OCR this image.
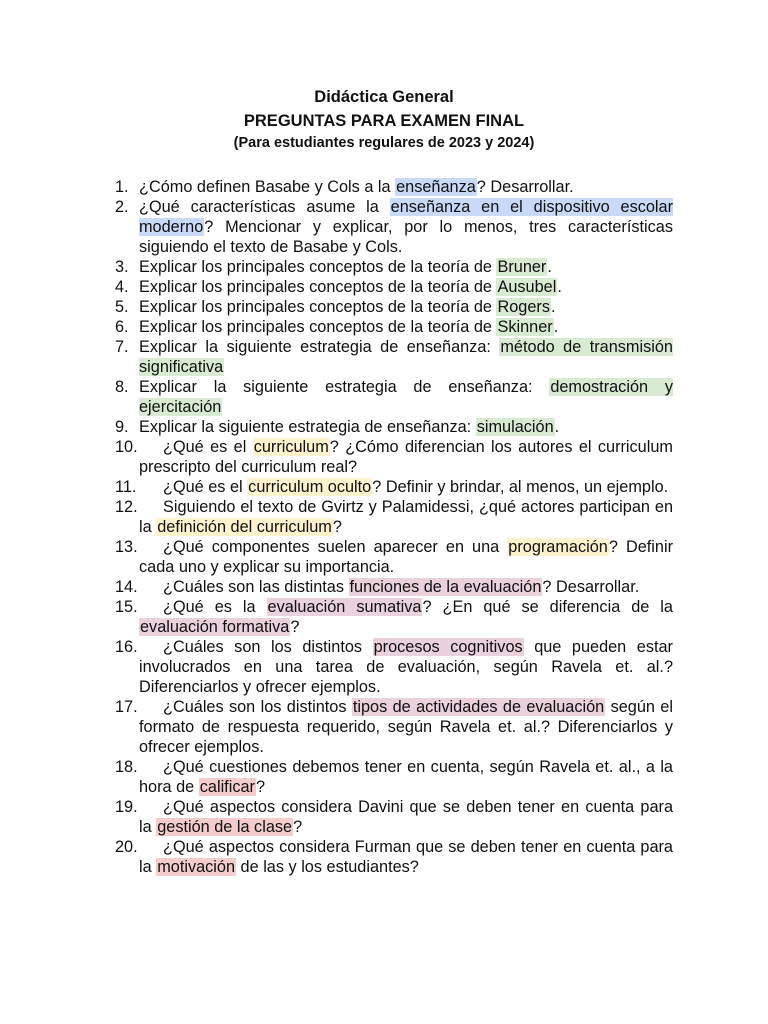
Didáctica General
PREGUNTAS PARA EXAMEN FINAL
(Para estudiantes regulares de 2023 y 2024)
1. ¿Cómo definen Basabe y Cols a la enseñanza? Desarrollar.
2. ¿Qué características asume la enseñanza en el dispositivo escolar moderno? Mencionar y explicar, por lo menos, tres características siguiendo el texto de Basabe y Cols.
3. Explicar los principales conceptos de la teoría de Bruner.
4. Explicar los principales conceptos de la teoría de Ausubel.
5. Explicar los principales conceptos de la teoría de Rogers.
6. Explicar los principales conceptos de la teoría de Skinner.
7. Explicar la siguiente estrategia de enseñanza: método de transmisión significativa
8. Explicar la siguiente estrategia de enseñanza: demostración y ejercitación
9. Explicar la siguiente estrategia de enseñanza: simulación.
10. ¿Qué es el curriculum? ¿Cómo diferencian los autores el curriculum prescripto del curriculum real?
11. ¿Qué es el curriculum oculto? Definir y brindar, al menos, un ejemplo.
12. Siguiendo el texto de Gvirtz y Palamidessi, ¿qué actores participan en la definición del curriculum?
13. ¿Qué componentes suelen aparecer en una programación? Definir cada uno y explicar su importancia.
14. ¿Cuáles son las distintas funciones de la evaluación? Desarrollar.
15. ¿Qué es la evaluación sumativa? ¿En qué se diferencia de la evaluación formativa?
16. ¿Cuáles son los distintos procesos cognitivos que pueden estar involucrados en una tarea de evaluación, según Ravela et. al.? Diferenciarlos y ofrecer ejemplos.
17. ¿Cuáles son los distintos tipos de actividades de evaluación según el formato de respuesta requerido, según Ravela et. al.? Diferenciarlos y ofrecer ejemplos.
18. ¿Qué cuestiones debemos tener en cuenta, según Ravela et. al., a la hora de calificar?
19. ¿Qué aspectos considera Davini que se deben tener en cuenta para la gestión de la clase?
20. ¿Qué aspectos considera Furman que se deben tener en cuenta para la motivación de las y los estudiantes?
